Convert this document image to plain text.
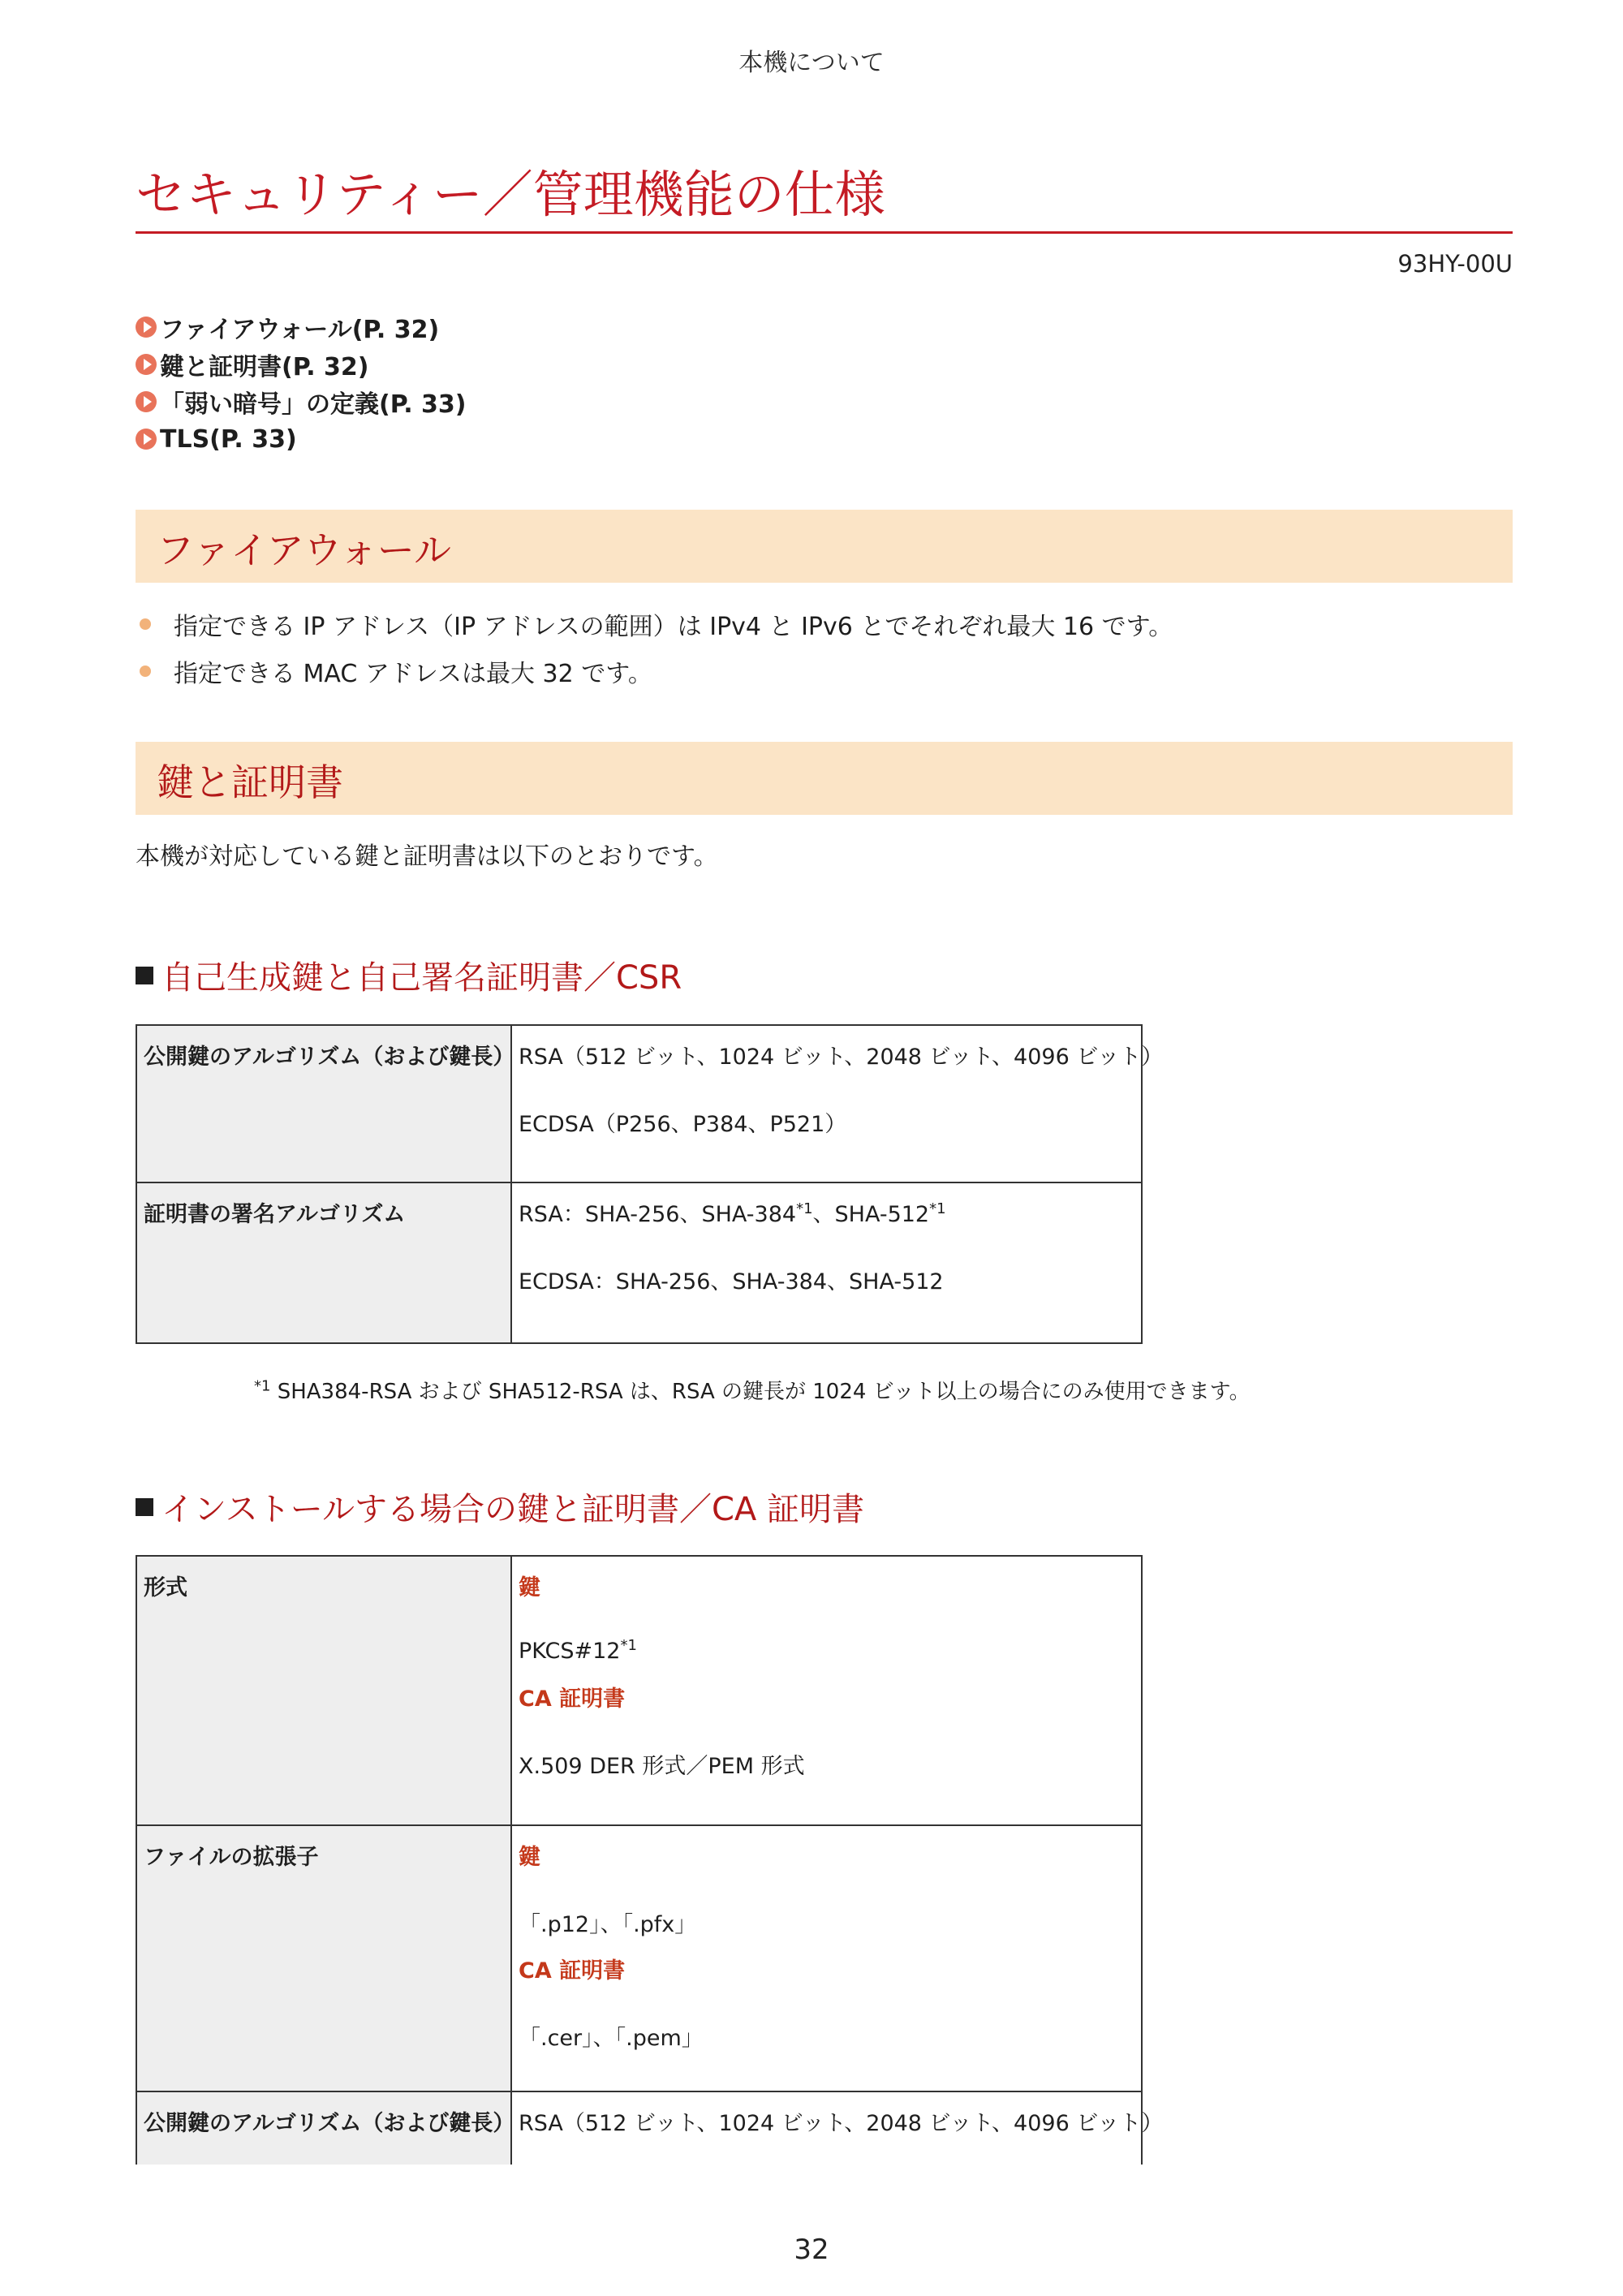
本機について
セキュリティー／管理機能の仕様
93HY-00U
ファイアウォール(P. 32)
鍵と証明書(P. 32)
「弱い暗号」の定義(P. 33)
TLS(P. 33)
ファイアウォール
指定できる IP アドレス（IP アドレスの範囲）は IPv4 と IPv6 とでそれぞれ最大 16 です。
指定できる MAC アドレスは最大 32 です。
鍵と証明書
本機が対応している鍵と証明書は以下のとおりです。
自己生成鍵と自己署名証明書／CSR
公開鍵のアルゴリズム（および鍵長）	RSA（512 ビット、1024 ビット、2048 ビット、4096 ビット）
ECDSA（P256、P384、P521）

証明書の署名アルゴリズム	RSA：SHA-256、SHA-384$^{*1}$、SHA-512$^{*1}$
ECDSA：SHA-256、SHA-384、SHA-512
$^{*1}$ SHA384-RSA および SHA512-RSA は、RSA の鍵長が 1024 ビット以上の場合にのみ使用できます。
インストールする場合の鍵と証明書／CA 証明書
形式	鍵
PKCS#12$^{*1}$
CA 証明書
X.509 DER 形式／PEM 形式

ファイルの拡張子	鍵
「.p12」、「.pfx」
CA 証明書
「.cer」、「.pem」

公開鍵のアルゴリズム（および鍵長）	RSA（512 ビット、1024 ビット、2048 ビット、4096 ビット）
32
